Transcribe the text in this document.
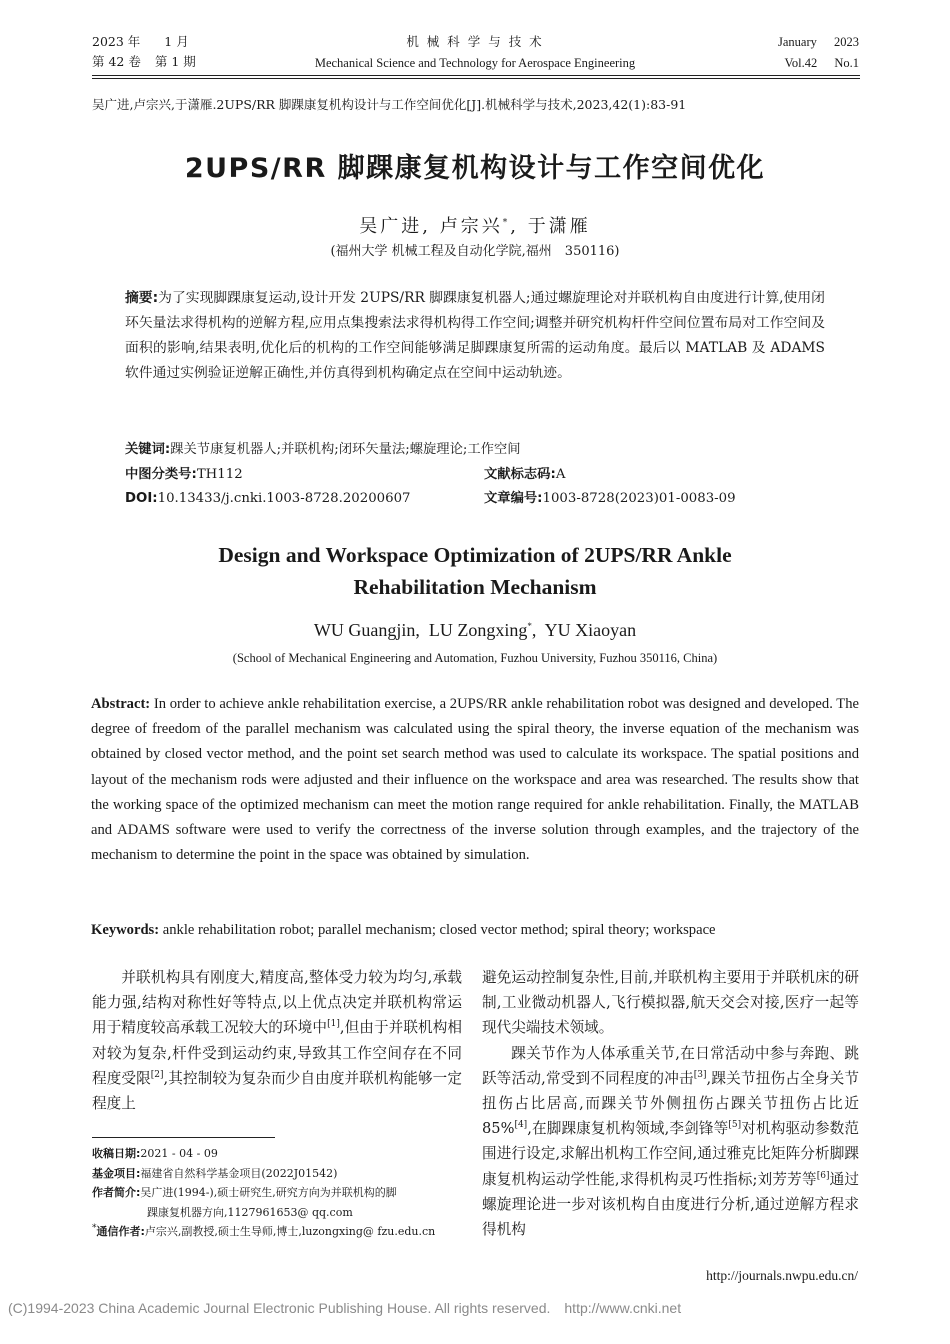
2023 年 1 月
第 42 卷 第 1 期
机 械 科 学 与 技 术
Mechanical Science and Technology for Aerospace Engineering
January 2023
Vol.42 No.1
吴广进,卢宗兴,于潇雁.2UPS/RR 脚踝康复机构设计与工作空间优化[J].机械科学与技术,2023,42(1):83-91
2UPS/RR 脚踝康复机构设计与工作空间优化
吴广进, 卢宗兴*, 于潇雁
(福州大学 机械工程及自动化学院,福州　350116)
摘要:为了实现脚踝康复运动,设计开发 2UPS/RR 脚踝康复机器人;通过螺旋理论对并联机构自由度进行计算,使用闭环矢量法求得机构的逆解方程,应用点集搜索法求得机构得工作空间;调整并研究机构杆件空间位置布局对工作空间及面积的影响,结果表明,优化后的机构的工作空间能够满足脚踝康复所需的运动角度。最后以 MATLAB 及 ADAMS 软件通过实例验证逆解正确性,并仿真得到机构确定点在空间中运动轨迹。
关键词:踝关节康复机器人;并联机构;闭环矢量法;螺旋理论;工作空间
中图分类号:TH112	文献标志码:A
DOI:10.13433/j.cnki.1003-8728.20200607	文章编号:1003-8728(2023)01-0083-09
Design and Workspace Optimization of 2UPS/RR Ankle
Rehabilitation Mechanism
WU Guangjin,  LU Zongxing*,  YU Xiaoyan
(School of Mechanical Engineering and Automation, Fuzhou University, Fuzhou 350116, China)
Abstract: In order to achieve ankle rehabilitation exercise, a 2UPS/RR ankle rehabilitation robot was designed and developed. The degree of freedom of the parallel mechanism was calculated using the spiral theory, the inverse equation of the mechanism was obtained by closed vector method, and the point set search method was used to calculate its workspace. The spatial positions and layout of the mechanism rods were adjusted and their influence on the workspace and area was researched. The results show that the working space of the optimized mechanism can meet the motion range required for ankle rehabilitation. Finally, the MATLAB and ADAMS software were used to verify the correctness of the inverse solution through examples, and the trajectory of the mechanism to determine the point in the space was obtained by simulation.
Keywords: ankle rehabilitation robot; parallel mechanism; closed vector method; spiral theory; workspace

并联机构具有刚度大,精度高,整体受力较为均匀,承载能力强,结构对称性好等特点,以上优点决定并联机构常运用于精度较高承载工况较大的环境中[1],但由于并联机构相对较为复杂,杆件受到运动约束,导致其工作空间存在不同程度受限[2],其控制较为复杂而少自由度并联机构能够一定程度上

收稿日期:2021 - 04 - 09
基金项目:福建省自然科学基金项目(2022J01542)
作者简介:吴广进(1994-),硕士研究生,研究方向为并联机构的脚
踝康复机器方向,1127961653@ qq.com
*通信作者:卢宗兴,副教授,硕士生导师,博士,luzongxing@ fzu.edu.cn

避免运动控制复杂性,目前,并联机构主要用于并联机床的研制,工业微动机器人,飞行模拟器,航天交会对接,医疗一起等现代尖端技术领域。

踝关节作为人体承重关节,在日常活动中参与奔跑、跳跃等活动,常受到不同程度的冲击[3],踝关节扭伤占全身关节扭伤占比居高,而踝关节外侧扭伤占踝关节扭伤占比近 85%[4],在脚踝康复机构领域,李剑锋等[5]对机构驱动参数范围进行设定,求解出机构工作空间,通过雅克比矩阵分析脚踝康复机构运动学性能,求得机构灵巧性指标;刘芳芳等[6]通过螺旋理论进一步对该机构自由度进行分析,通过逆解方程求得机构

http://journals.nwpu.edu.cn/
(C)1994-2023 China Academic Journal Electronic Publishing House. All rights reserved.　http://www.cnki.net
